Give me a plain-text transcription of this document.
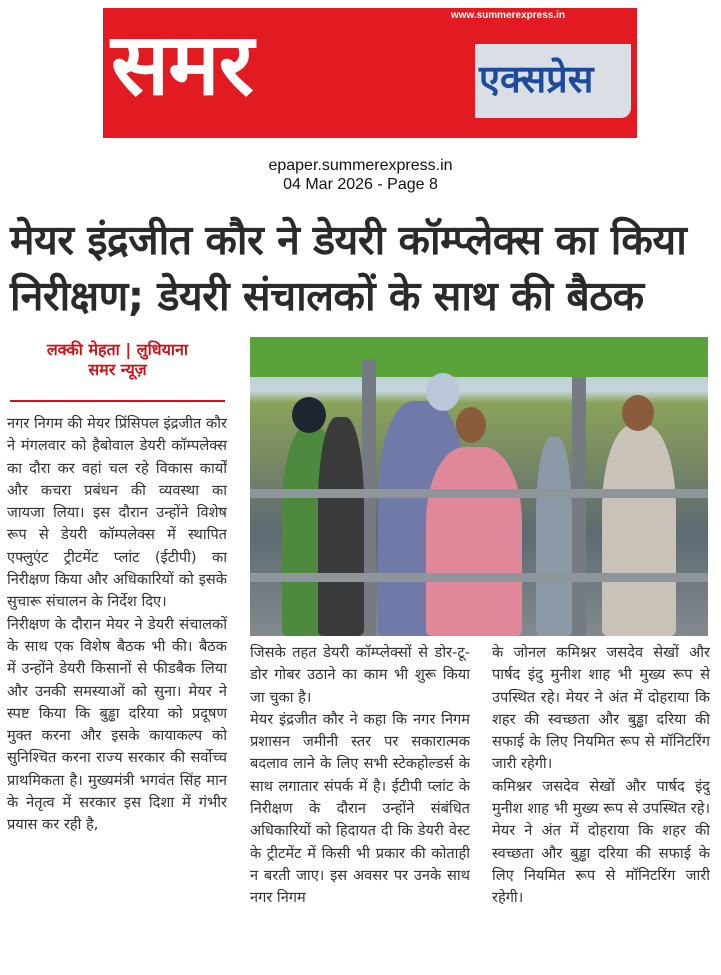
www.summerexpress.in
समर	एक्सप्रेस
epaper.summerexpress.in
04 Mar 2026 - Page 8
मेयर इंद्रजीत कौर ने डेयरी कॉम्प्लेक्स का किया निरीक्षण; डेयरी संचालकों के साथ की बैठक
लक्की मेहता | लुधियाना
समर न्यूज़

नगर निगम की मेयर प्रिंसिपल इंद्रजीत कौर ने मंगलवार को हैबोवाल डेयरी कॉम्पलेक्स का दौरा कर वहां चल रहे विकास कार्यों और कचरा प्रबंधन की व्यवस्था का जायजा लिया। इस दौरान उन्होंने विशेष रूप से डेयरी कॉम्पलेक्स में स्थापित एफ्लुएंट ट्रीटमेंट प्लांट (ईटीपी) का निरीक्षण किया और अधिकारियों को इसके सुचारू संचालन के निर्देश दिए।

निरीक्षण के दौरान मेयर ने डेयरी संचालकों के साथ एक विशेष बैठक भी की। बैठक में उन्होंने डेयरी किसानों से फीडबैक लिया और उनकी समस्याओं को सुना। मेयर ने स्पष्ट किया कि बुड्ढा दरिया को प्रदूषण मुक्त करना और इसके कायाकल्प को सुनिश्चित करना राज्य सरकार की सर्वोच्च प्राथमिकता है। मुख्यमंत्री भगवंत सिंह मान के नेतृत्व में सरकार इस दिशा में गंभीर प्रयास कर रही है,

जिसके तहत डेयरी कॉम्प्लेक्सों से डोर-टू-डोर गोबर उठाने का काम भी शुरू किया जा चुका है।

मेयर इंद्रजीत कौर ने कहा कि नगर निगम प्रशासन जमीनी स्तर पर सकारात्मक बदलाव लाने के लिए सभी स्टेकहोल्डर्स के साथ लगातार संपर्क में है। ईटीपी प्लांट के निरीक्षण के दौरान उन्होंने संबंधित अधिकारियों को हिदायत दी कि डेयरी वेस्ट के ट्रीटमेंट में किसी भी प्रकार की कोताही न बरती जाए। इस अवसर पर उनके साथ नगर निगम

के जोनल कमिश्नर जसदेव सेखों और पार्षद इंदु मुनीश शाह भी मुख्य रूप से उपस्थित रहे। मेयर ने अंत में दोहराया कि शहर की स्वच्छता और बुड्ढा दरिया की सफाई के लिए नियमित रूप से मॉनिटरिंग जारी रहेगी।

कमिश्नर जसदेव सेखों और पार्षद इंदु मुनीश शाह भी मुख्य रूप से उपस्थित रहे। मेयर ने अंत में दोहराया कि शहर की स्वच्छता और बुड्ढा दरिया की सफाई के लिए नियमित रूप से मॉनिटरिंग जारी रहेगी।
